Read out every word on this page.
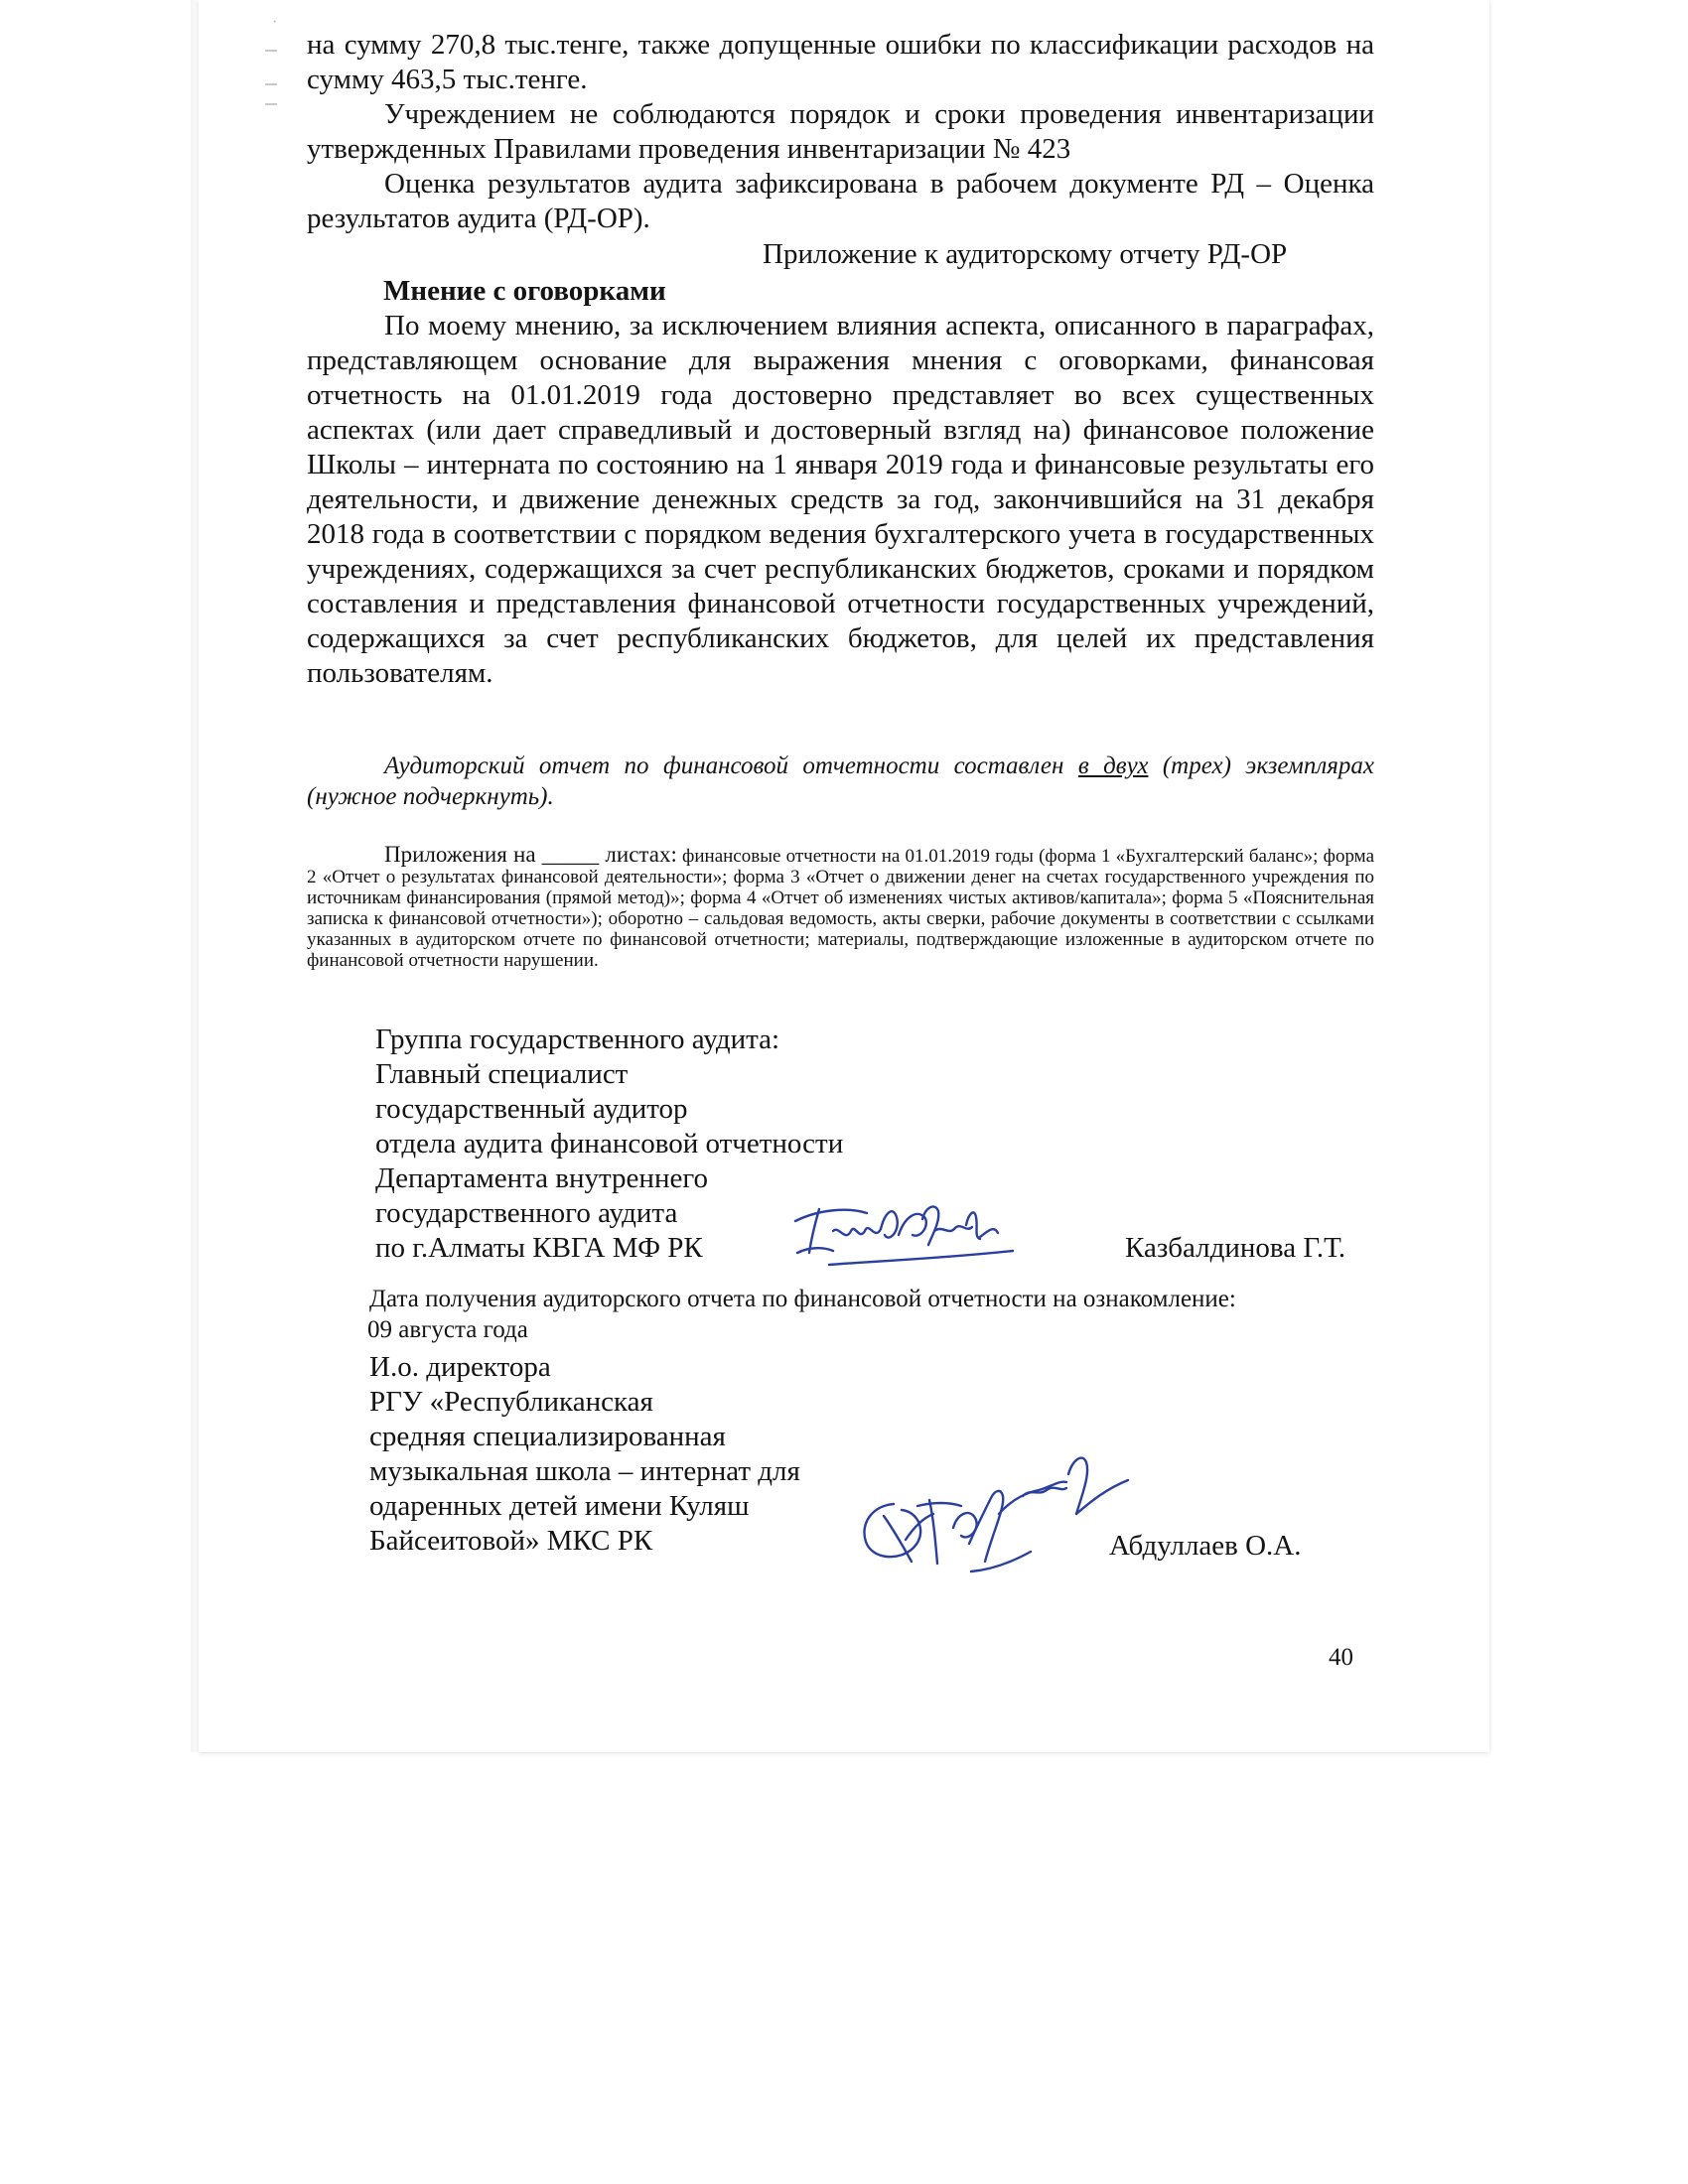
·

на сумму 270,8 тыс.тенге, также допущенные ошибки по классификации расходов на сумму 463,5 тыс.тенге.

Учреждением не соблюдаются порядок и сроки проведения инвентаризации утвержденных Правилами проведения инвентаризации № 423

Оценка результатов аудита зафиксирована в рабочем документе РД – Оценка результатов аудита (РД-ОР).

Приложение к аудиторскому отчету РД-ОР
Мнение с оговорками

По моему мнению, за исключением влияния аспекта, описанного в параграфах, представляющем основание для выражения мнения с оговорками, финансовая отчетность на 01.01.2019 года достоверно представляет во всех существенных аспектах (или дает справедливый и достоверный взгляд на) финансовое положение Школы – интерната по состоянию на 1 января 2019 года и финансовые результаты его деятельности, и движение денежных средств за год, закончившийся на 31 декабря 2018 года в соответствии с порядком ведения бухгалтерского учета в государственных учреждениях, содержащихся за счет республиканских бюджетов, сроками и порядком составления и представления финансовой отчетности государственных учреждений, содержащихся за счет республиканских бюджетов, для целей их представления пользователям.

Аудиторский отчет по финансовой отчетности составлен в двух (трех) экземплярах (нужное подчеркнуть).

Приложения на _____ листах: финансовые отчетности на 01.01.2019 годы (форма 1 «Бухгалтерский баланс»; форма 2 «Отчет о результатах финансовой деятельности»; форма 3 «Отчет о движении денег на счетах государственного учреждения по источникам финансирования (прямой метод)»; форма 4 «Отчет об изменениях чистых активов/капитала»; форма 5 «Пояснительная записка к финансовой отчетности»); оборотно – сальдовая ведомость, акты сверки, рабочие документы в соответствии с ссылками указанных в аудиторском отчете по финансовой отчетности; материалы, подтверждающие изложенные в аудиторском отчете по финансовой отчетности нарушении.

Группа государственного аудита:
Главный специалист
государственный аудитор
отдела аудита финансовой отчетности
Департамента внутреннего
государственного аудита
по г.Алматы КВГА МФ РК	Казбалдинова Г.Т.
Дата получения аудиторского отчета по финансовой отчетности на ознакомление:
09 августа года
И.о. директора
РГУ «Республиканская
средняя специализированная
музыкальная школа – интернат для
одаренных детей имени Куляш
Байсеитовой» МКС РК	Абдуллаев О.А.
40
